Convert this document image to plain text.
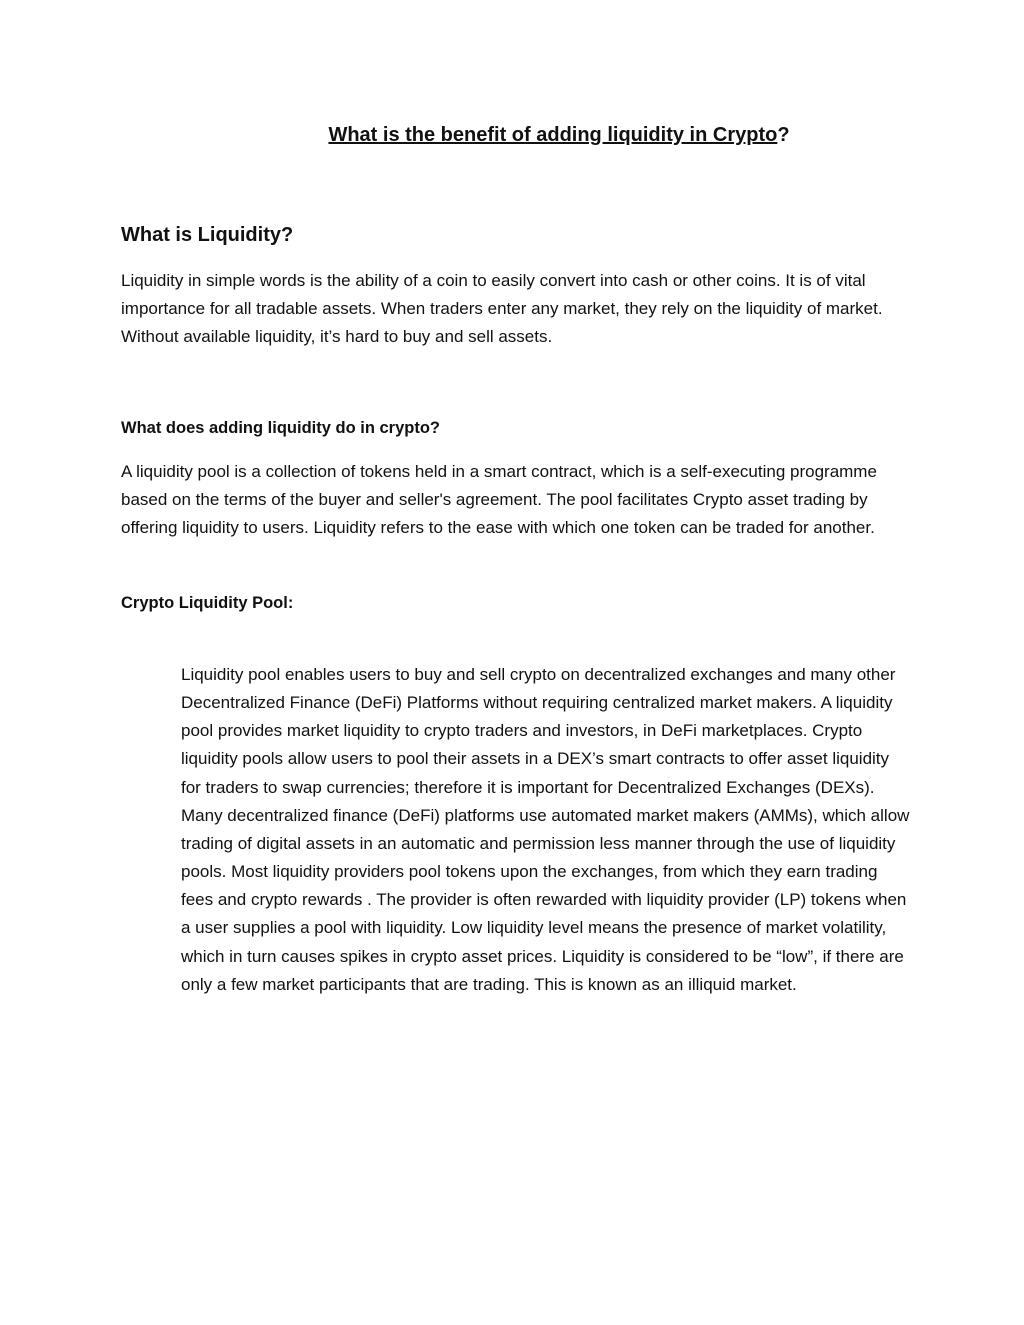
What is the benefit of adding liquidity in Crypto?
What is Liquidity?

Liquidity in simple words is the ability of a coin to easily convert into cash or other coins. It is of vital importance for all tradable assets. When traders enter any market, they rely on the liquidity of market. Without available liquidity, it’s hard to buy and sell assets.

What does adding liquidity do in crypto?

A liquidity pool is a collection of tokens held in a smart contract, which is a self-executing programme based on the terms of the buyer and seller's agreement. The pool facilitates Crypto asset trading by offering liquidity to users. Liquidity refers to the ease with which one token can be traded for another.

Crypto Liquidity Pool:

Liquidity pool enables users to buy and sell crypto on decentralized exchanges and many other Decentralized Finance (DeFi) Platforms without requiring centralized market makers. A liquidity pool provides market liquidity to crypto traders and investors, in DeFi marketplaces. Crypto liquidity pools allow users to pool their assets in a DEX’s smart contracts to offer asset liquidity for traders to swap currencies; therefore it is important for Decentralized Exchanges (DEXs). Many decentralized finance (DeFi) platforms use automated market makers (AMMs), which allow trading of digital assets in an automatic and permission less manner through the use of liquidity pools. Most liquidity providers pool tokens upon the exchanges, from which they earn trading fees and crypto rewards . The provider is often rewarded with liquidity provider (LP) tokens when a user supplies a pool with liquidity. Low liquidity level means the presence of market volatility, which in turn causes spikes in crypto asset prices. Liquidity is considered to be “low”, if there are only a few market participants that are trading. This is known as an illiquid market.
